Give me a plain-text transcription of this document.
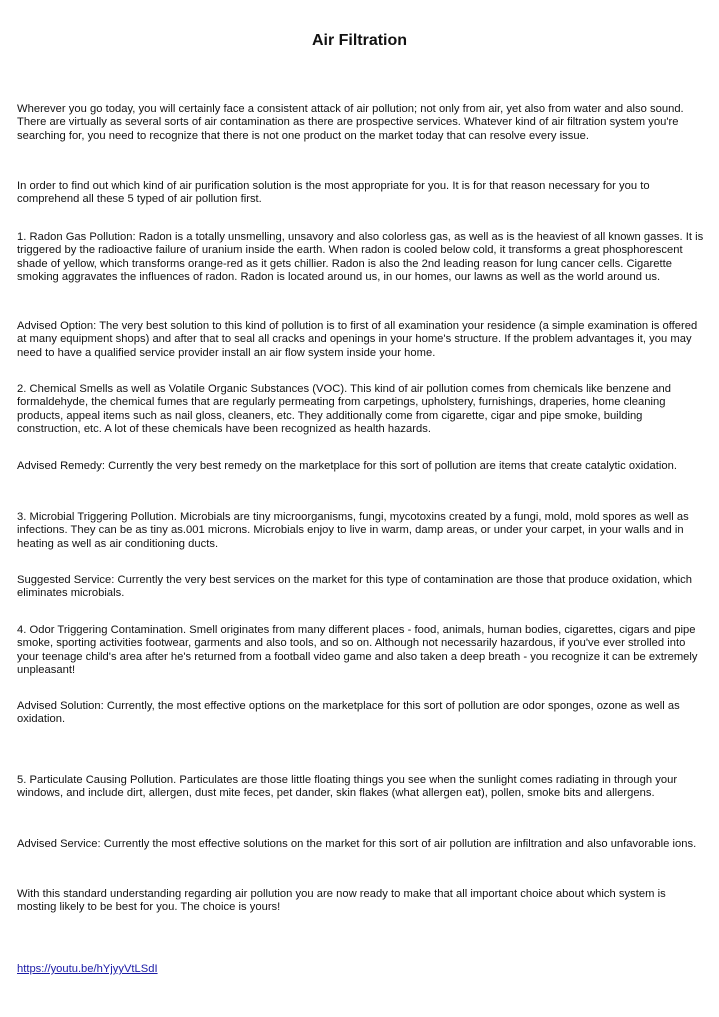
Air Filtration

Wherever you go today, you will certainly face a consistent attack of air pollution; not only from air, yet also from water and also sound. There are virtually as several sorts of air contamination as there are prospective services. Whatever kind of air filtration system you're searching for, you need to recognize that there is not one product on the market today that can resolve every issue.

In order to find out which kind of air purification solution is the most appropriate for you. It is for that reason necessary for you to comprehend all these 5 typed of air pollution first.

1. Radon Gas Pollution: Radon is a totally unsmelling, unsavory and also colorless gas, as well as is the heaviest of all known gasses. It is triggered by the radioactive failure of uranium inside the earth. When radon is cooled below cold, it transforms a great phosphorescent shade of yellow, which transforms orange-red as it gets chillier. Radon is also the 2nd leading reason for lung cancer cells. Cigarette smoking aggravates the influences of radon. Radon is located around us, in our homes, our lawns as well as the world around us.

Advised Option: The very best solution to this kind of pollution is to first of all examination your residence (a simple examination is offered at many equipment shops) and after that to seal all cracks and openings in your home's structure. If the problem advantages it, you may need to have a qualified service provider install an air flow system inside your home.

2. Chemical Smells as well as Volatile Organic Substances (VOC). This kind of air pollution comes from chemicals like benzene and formaldehyde, the chemical fumes that are regularly permeating from carpetings, upholstery, furnishings, draperies, home cleaning products, appeal items such as nail gloss, cleaners, etc. They additionally come from cigarette, cigar and pipe smoke, building construction, etc. A lot of these chemicals have been recognized as health hazards.

Advised Remedy: Currently the very best remedy on the marketplace for this sort of pollution are items that create catalytic oxidation.

3. Microbial Triggering Pollution. Microbials are tiny microorganisms, fungi, mycotoxins created by a fungi, mold, mold spores as well as infections. They can be as tiny as.001 microns. Microbials enjoy to live in warm, damp areas, or under your carpet, in your walls and in heating as well as air conditioning ducts.

Suggested Service: Currently the very best services on the market for this type of contamination are those that produce oxidation, which eliminates microbials.

4. Odor Triggering Contamination. Smell originates from many different places - food, animals, human bodies, cigarettes, cigars and pipe smoke, sporting activities footwear, garments and also tools, and so on. Although not necessarily hazardous, if you've ever strolled into your teenage child's area after he's returned from a football video game and also taken a deep breath - you recognize it can be extremely unpleasant!

Advised Solution: Currently, the most effective options on the marketplace for this sort of pollution are odor sponges, ozone as well as oxidation.

5. Particulate Causing Pollution. Particulates are those little floating things you see when the sunlight comes radiating in through your windows, and include dirt, allergen, dust mite feces, pet dander, skin flakes (what allergen eat), pollen, smoke bits and allergens.

Advised Service: Currently the most effective solutions on the market for this sort of air pollution are infiltration and also unfavorable ions.

With this standard understanding regarding air pollution you are now ready to make that all important choice about which system is mosting likely to be best for you. The choice is yours!

https://youtu.be/hYjyyVtLSdI
